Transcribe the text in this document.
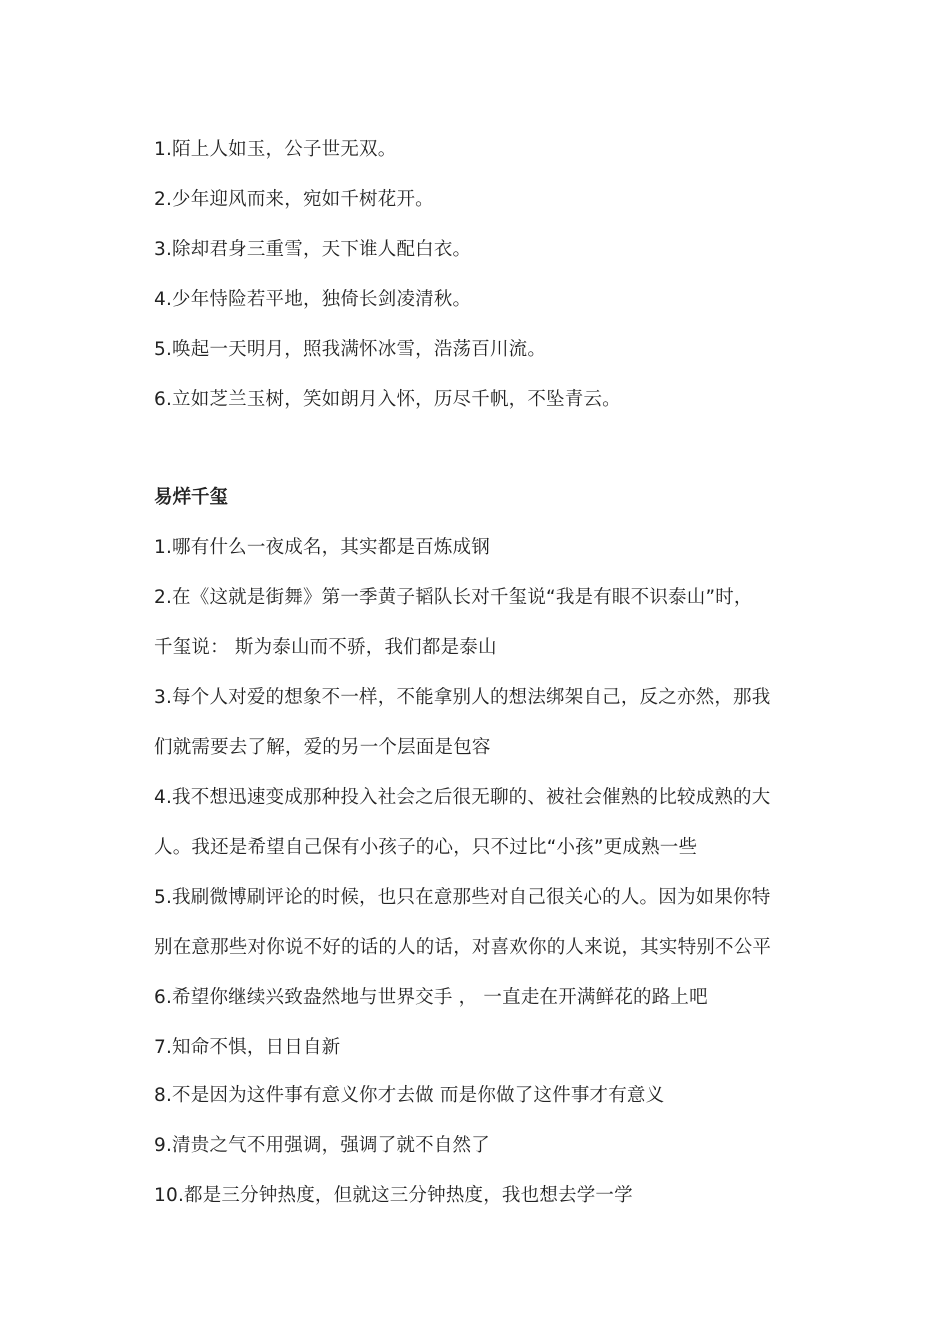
1.陌上人如玉，公子世无双。
2.少年迎风而来，宛如千树花开。
3.除却君身三重雪，天下谁人配白衣。
4.少年恃险若平地，独倚长剑凌清秋。
5.唤起一天明月，照我满怀冰雪，浩荡百川流。
6.立如芝兰玉树，笑如朗月入怀，历尽千帆，不坠青云。
易烊千玺
1.哪有什么一夜成名，其实都是百炼成钢
2.在《这就是街舞》第一季黄子韬队长对千玺说“我是有眼不识泰山”时，
千玺说： 斯为泰山而不骄，我们都是泰山
3.每个人对爱的想象不一样，不能拿别人的想法绑架自己，反之亦然，那我
们就需要去了解，爱的另一个层面是包容
4.我不想迅速变成那种投入社会之后很无聊的、被社会催熟的比较成熟的大
人。我还是希望自己保有小孩子的心，只不过比“小孩”更成熟一些
5.我刷微博刷评论的时候，也只在意那些对自己很关心的人。因为如果你特
别在意那些对你说不好的话的人的话，对喜欢你的人来说，其实特别不公平
6.希望你继续兴致盎然地与世界交手 ， 一直走在开满鲜花的路上吧
7.知命不惧，日日自新
8.不是因为这件事有意义你才去做 而是你做了这件事才有意义
9.清贵之气不用强调，强调了就不自然了
10.都是三分钟热度，但就这三分钟热度，我也想去学一学
